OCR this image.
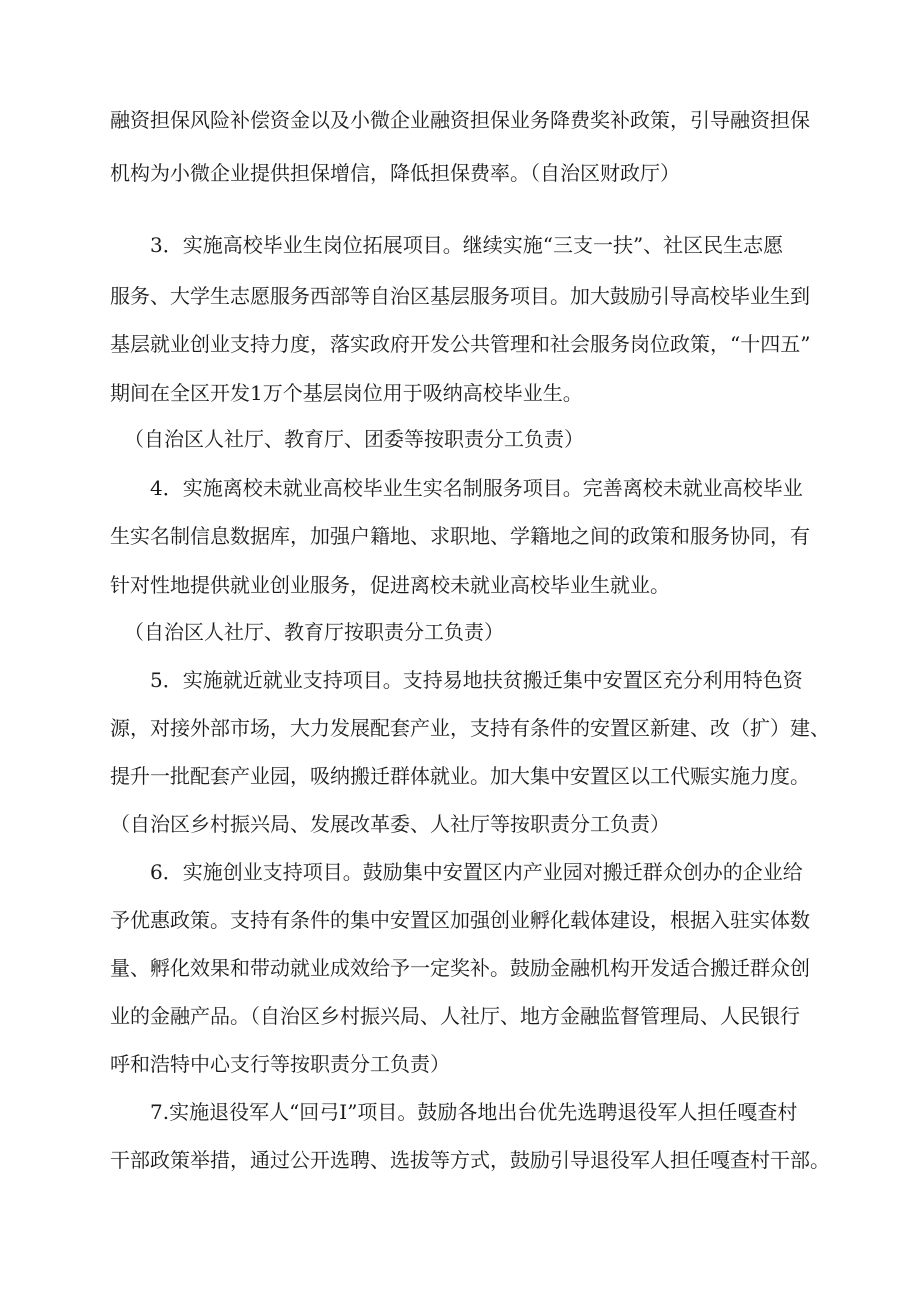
融资担保风险补偿资金以及小微企业融资担保业务降费奖补政策，引导融资担保
机构为小微企业提供担保增信，降低担保费率。（自治区财政厅）
3．实施高校毕业生岗位拓展项目。继续实施“三支一扶”、社区民生志愿
服务、大学生志愿服务西部等自治区基层服务项目。加大鼓励引导高校毕业生到
基层就业创业支持力度，落实政府开发公共管理和社会服务岗位政策，“十四五”
期间在全区开发1万个基层岗位用于吸纳高校毕业生。
（自治区人社厅、教育厅、团委等按职责分工负责）
4．实施离校未就业高校毕业生实名制服务项目。完善离校未就业高校毕业
生实名制信息数据库，加强户籍地、求职地、学籍地之间的政策和服务协同，有
针对性地提供就业创业服务，促进离校未就业高校毕业生就业。
（自治区人社厅、教育厅按职责分工负责）
5．实施就近就业支持项目。支持易地扶贫搬迁集中安置区充分利用特色资
源，对接外部市场，大力发展配套产业，支持有条件的安置区新建、改（扩）建、
提升一批配套产业园，吸纳搬迁群体就业。加大集中安置区以工代赈实施力度。
（自治区乡村振兴局、发展改革委、人社厅等按职责分工负责）
6．实施创业支持项目。鼓励集中安置区内产业园对搬迁群众创办的企业给
予优惠政策。支持有条件的集中安置区加强创业孵化载体建设，根据入驻实体数
量、孵化效果和带动就业成效给予一定奖补。鼓励金融机构开发适合搬迁群众创
业的金融产品。（自治区乡村振兴局、人社厅、地方金融监督管理局、人民银行
呼和浩特中心支行等按职责分工负责）
7.实施退役军人“回弓I”项目。鼓励各地出台优先选聘退役军人担任嘎查村
干部政策举措，通过公开选聘、选拔等方式，鼓励引导退役军人担任嘎查村干部。
